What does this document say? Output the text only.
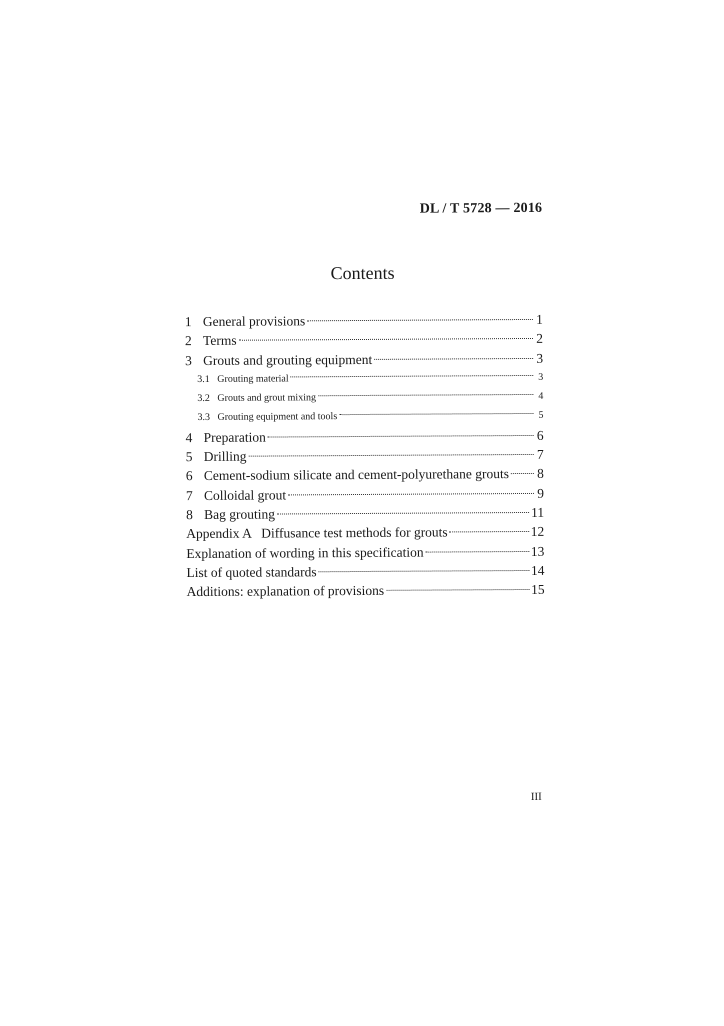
DL / T 5728 — 2016
Contents
1 General provisions	1
2 Terms	2
3 Grouts and grouting equipment	3
3.1 Grouting material	3
3.2 Grouts and grout mixing	4
3.3 Grouting equipment and tools	5
4 Preparation	6
5 Drilling	7
6 Cement-sodium silicate and cement-polyurethane grouts 8
7 Colloidal grout	9
8 Bag grouting	11
Appendix A   Diffusance test methods for grouts	12
Explanation of wording in this specification	13
List of quoted standards	14
Additions: explanation of provisions	15
III
